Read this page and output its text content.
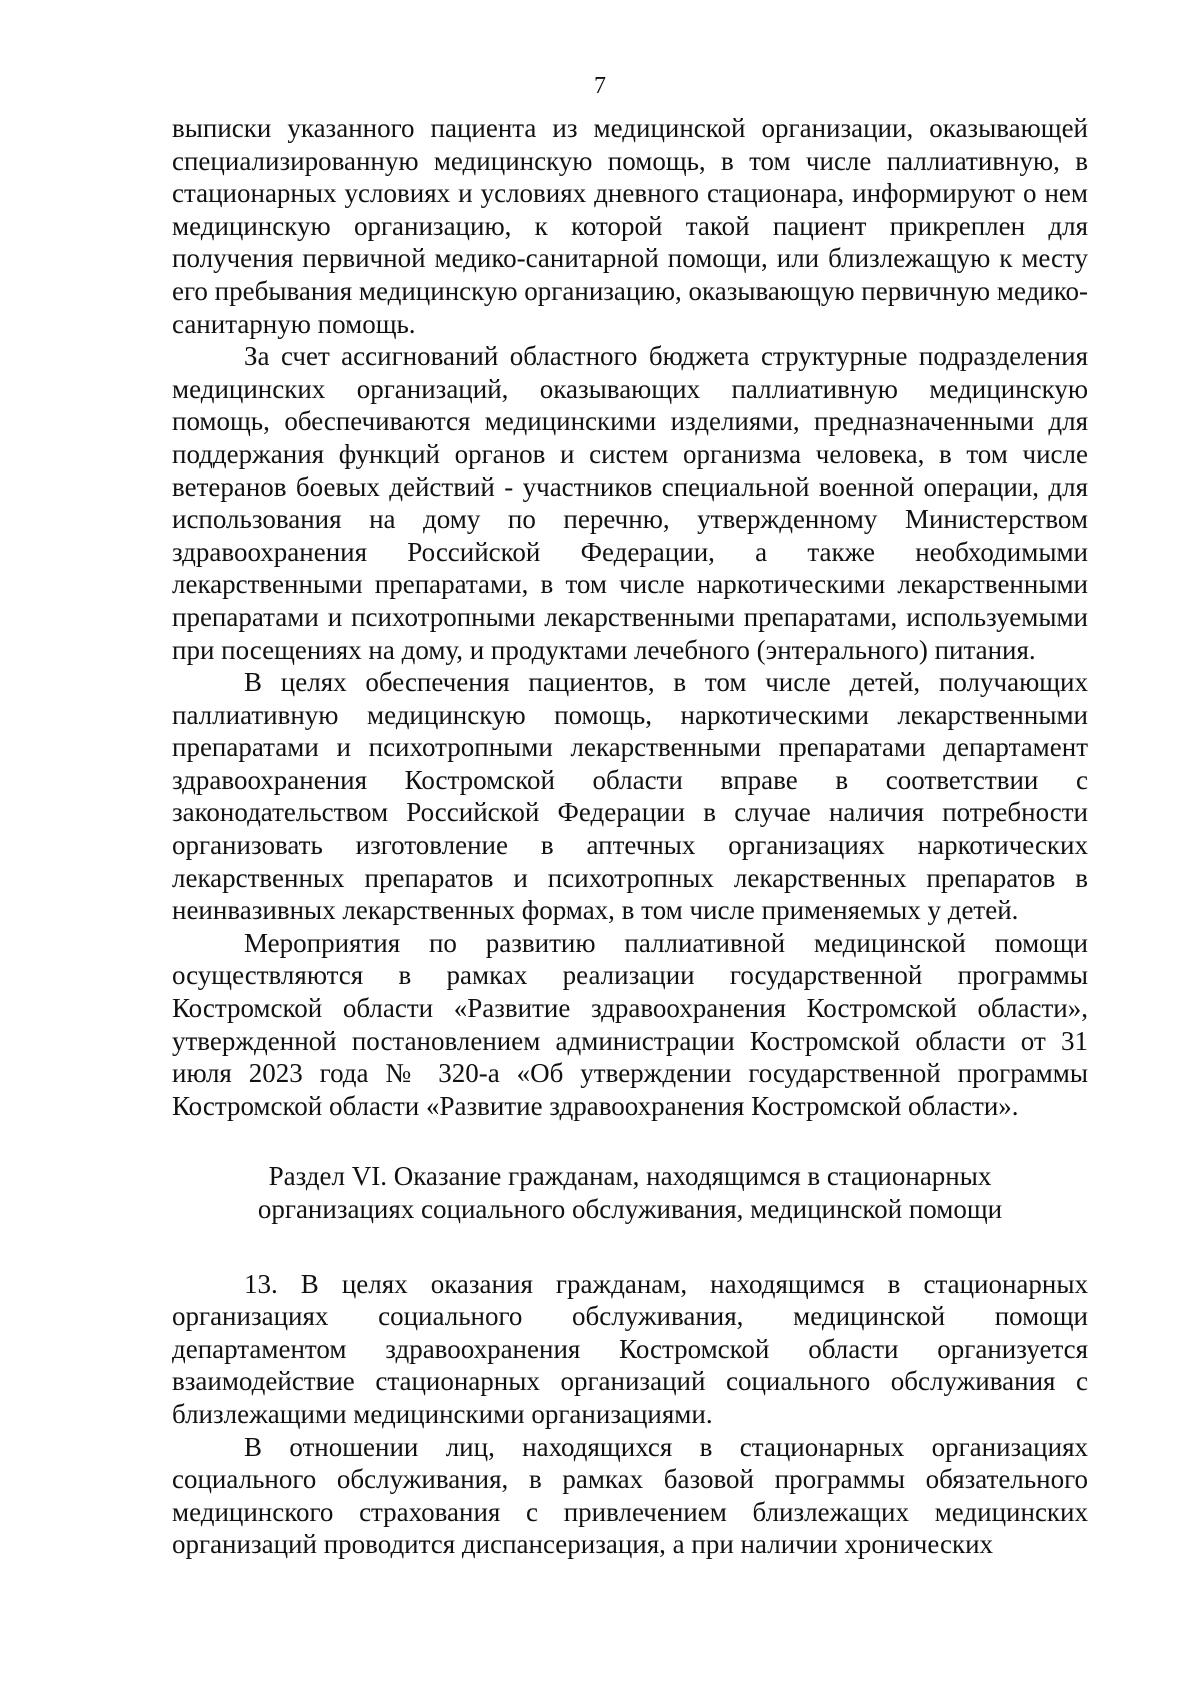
7

выписки указанного пациента из медицинской организации, оказывающей специализированную медицинскую помощь, в том числе паллиативную, в стационарных условиях и условиях дневного стационара, информируют о нем медицинскую организацию, к которой такой пациент прикреплен для получения первичной медико-санитарной помощи, или близлежащую к месту его пребывания медицинскую организацию, оказывающую первичную медико-санитарную помощь.

За счет ассигнований областного бюджета структурные подразделения медицинских организаций, оказывающих паллиативную медицинскую помощь, обеспечиваются медицинскими изделиями, предназначенными для поддержания функций органов и систем организма человека, в том числе ветеранов боевых действий - участников специальной военной операции, для использования на дому по перечню, утвержденному Министерством здравоохранения Российской Федерации, а также необходимыми лекарственными препаратами, в том числе наркотическими лекарственными препаратами и психотропными лекарственными препаратами, используемыми при посещениях на дому, и продуктами лечебного (энтерального) питания.

В целях обеспечения пациентов, в том числе детей, получающих паллиативную медицинскую помощь, наркотическими лекарственными препаратами и психотропными лекарственными препаратами департамент здравоохранения Костромской области вправе в соответствии с законодательством Российской Федерации в случае наличия потребности организовать изготовление в аптечных организациях наркотических лекарственных препаратов и психотропных лекарственных препаратов в неинвазивных лекарственных формах, в том числе применяемых у детей.

Мероприятия по развитию паллиативной медицинской помощи осуществляются в рамках реализации государственной программы Костромской области «Развитие здравоохранения Костромской области», утвержденной постановлением администрации Костромской области от 31 июля 2023 года № 320-а «Об утверждении государственной программы Костромской области «Развитие здравоохранения Костромской области».

Раздел VI. Оказание гражданам, находящимся в стационарных
организациях социального обслуживания, медицинской помощи

13. В целях оказания гражданам, находящимся в стационарных организациях социального обслуживания, медицинской помощи департаментом здравоохранения Костромской области организуется взаимодействие стационарных организаций социального обслуживания с близлежащими медицинскими организациями.

В отношении лиц, находящихся в стационарных организациях социального обслуживания, в рамках базовой программы обязательного медицинского страхования с привлечением близлежащих медицинских организаций проводится диспансеризация, а при наличии хронических
